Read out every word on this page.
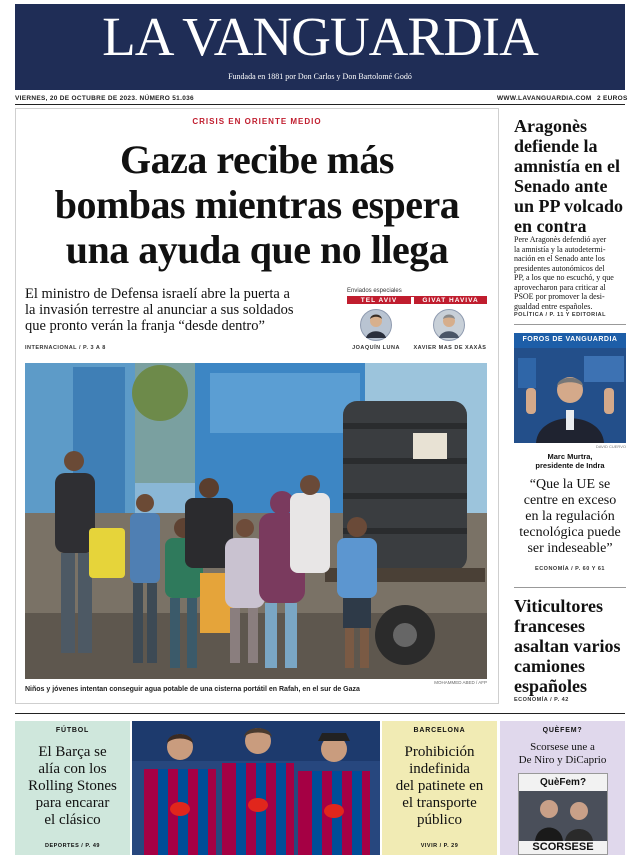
LA VANGUARDIA
Fundada en 1881 por Don Carlos y Don Bartolomé Godó
VIERNES, 20 DE OCTUBRE DE 2023. NÚMERO 51.036	WWW.LAVANGUARDIA.COM 2 EUROS
CRISIS EN ORIENTE MEDIO
Gaza recibe más
bombas mientras espera
una ayuda que no llega
El ministro de Defensa israelí abre la puerta a
la invasión terrestre al anunciar a sus soldados
que pronto verán la franja “desde dentro”
INTERNACIONAL / P. 3 A 8
Enviados especiales
TEL AVIV	GIVAT HAVIVA
JOAQUÍN LUNA	XAVIER MAS DE XAXÀS
MOHAMMED ABED / AFP
Niños y jóvenes intentan conseguir agua potable de una cisterna portátil en Rafah, en el sur de Gaza
Aragonès
defiende la
amnistía en el
Senado ante
un PP volcado
en contra
Pere Aragonès defendió ayer
la amnistía y la autodetermi-
nación en el Senado ante los
presidentes autonómicos del
PP, a los que no escuchó, y que
aprovecharon para criticar al
PSOE por promover la desi-
gualdad entre españoles.
POLÍTICA / P. 11 Y EDITORIAL
FOROS DE VANGUARDIA
DAVID CUERVO
Marc Murtra,
presidente de Indra
“Que la UE se
centre en exceso
en la regulación
tecnológica puede
ser indeseable”
ECONOMÍA / P. 60 Y 61
Viticultores
franceses
asaltan varios
camiones
españoles
ECONOMÍA / P. 42
FÚTBOL
El Barça se
alía con los
Rolling Stones
para encarar
el clásico
DEPORTES / P. 49
BARCELONA
Prohibición
indefinida
del patinete en
el transporte
público
VIVIR / P. 29
QUÈFEM?
Scorsese une a
De Niro y DiCaprio
QuèFem?
SCORSESE
